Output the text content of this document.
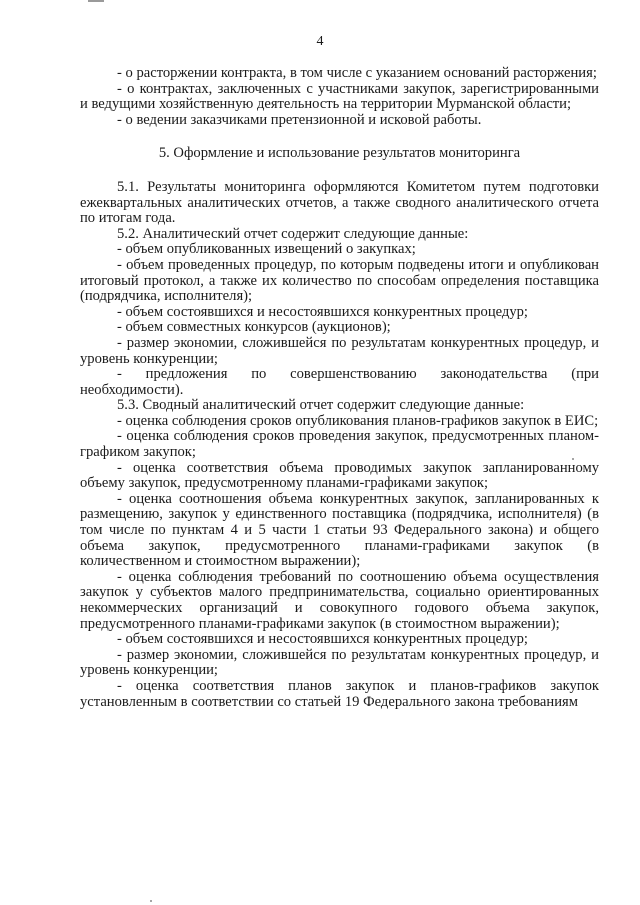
4

- о расторжении контракта, в том числе с указанием оснований расторжения;

- о контрактах, заключенных с участниками закупок, зарегистрированными и ведущими хозяйственную деятельность на территории Мурманской области;

- о ведении заказчиками претензионной и исковой работы.

5. Оформление и использование результатов мониторинга

5.1. Результаты мониторинга оформляются Комитетом путем подготовки ежеквартальных аналитических отчетов, а также сводного аналитического отчета по итогам года.

5.2. Аналитический отчет содержит следующие данные:

- объем опубликованных извещений о закупках;

- объем проведенных процедур, по которым подведены итоги и опубликован итоговый протокол, а также их количество по способам определения поставщика (подрядчика, исполнителя);

- объем состоявшихся и несостоявшихся конкурентных процедур;

- объем совместных конкурсов (аукционов);

- размер экономии, сложившейся по результатам конкурентных процедур, и уровень конкуренции;

- предложения по совершенствованию законодательства (при необходимости).

5.3. Сводный аналитический отчет содержит следующие данные:

- оценка соблюдения сроков опубликования планов-графиков закупок в ЕИС;

- оценка соблюдения сроков проведения закупок, предусмотренных планом-графиком закупок;

- оценка соответствия объема проводимых закупок запланированному объему закупок, предусмотренному планами-графиками закупок;

- оценка соотношения объема конкурентных закупок, запланированных к размещению, закупок у единственного поставщика (подрядчика, исполнителя) (в том числе по пунктам 4 и 5 части 1 статьи 93 Федерального закона) и общего объема закупок, предусмотренного планами-графиками закупок (в количественном и стоимостном выражении);

- оценка соблюдения требований по соотношению объема осуществления закупок у субъектов малого предпринимательства, социально ориентированных некоммерческих организаций и совокупного годового объема закупок, предусмотренного планами-графиками закупок (в стоимостном выражении);

- объем состоявшихся и несостоявшихся конкурентных процедур;

- размер экономии, сложившейся по результатам конкурентных процедур, и уровень конкуренции;

- оценка соответствия планов закупок и планов-графиков закупок установленным в соответствии со статьей 19 Федерального закона требованиям
